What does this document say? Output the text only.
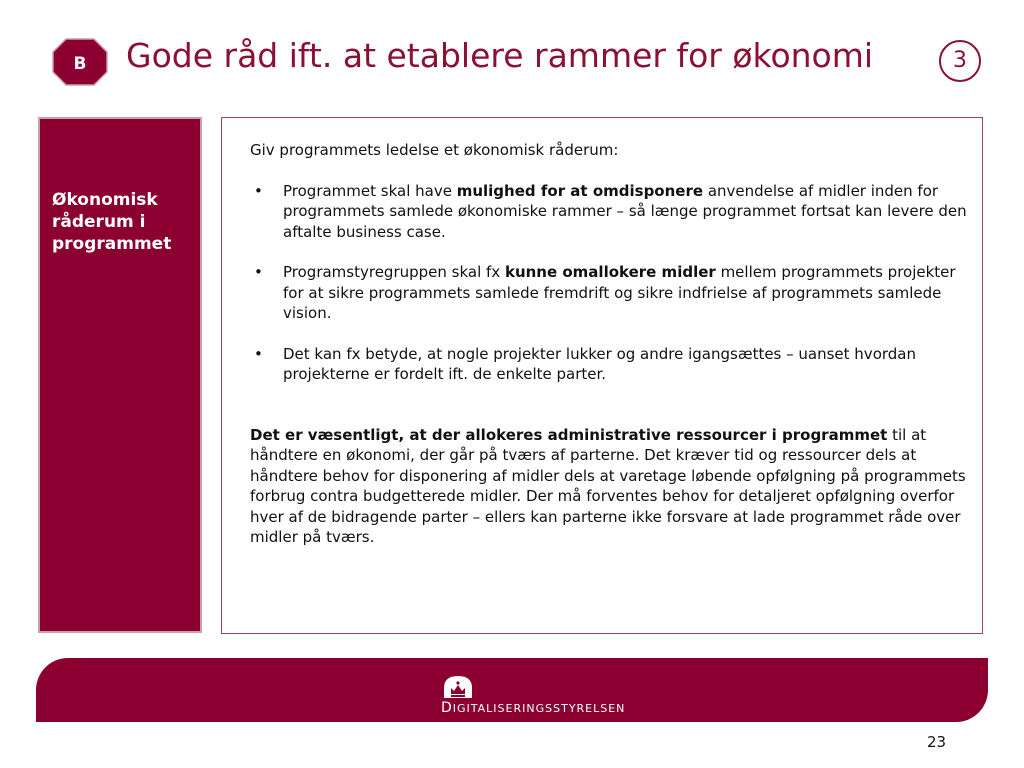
B Gode råd ift. at etablere rammer for økonomi	3
Økonomisk råderum i programmet

Giv programmets ledelse et økonomisk råderum:

• Programmet skal have mulighed for at omdisponere anvendelse af midler inden for programmets samlede økonomiske rammer – så længe programmet fortsat kan levere den aftalte business case.
• Programstyregruppen skal fx kunne omallokere midler mellem programmets projekter for at sikre programmets samlede fremdrift og sikre indfrielse af programmets samlede vision.
• Det kan fx betyde, at nogle projekter lukker og andre igangsættes – uanset hvordan projekterne er fordelt ift. de enkelte parter.

Det er væsentligt, at der allokeres administrative ressourcer i programmet til at håndtere en økonomi, der går på tværs af parterne. Det kræver tid og ressourcer dels at håndtere behov for disponering af midler dels at varetage løbende opfølgning på programmets forbrug contra budgetterede midler. Der må forventes behov for detaljeret opfølgning overfor hver af de bidragende parter – ellers kan parterne ikke forsvare at lade programmet råde over midler på tværs.

DIGITALISERINGSSTYRELSEN
23
